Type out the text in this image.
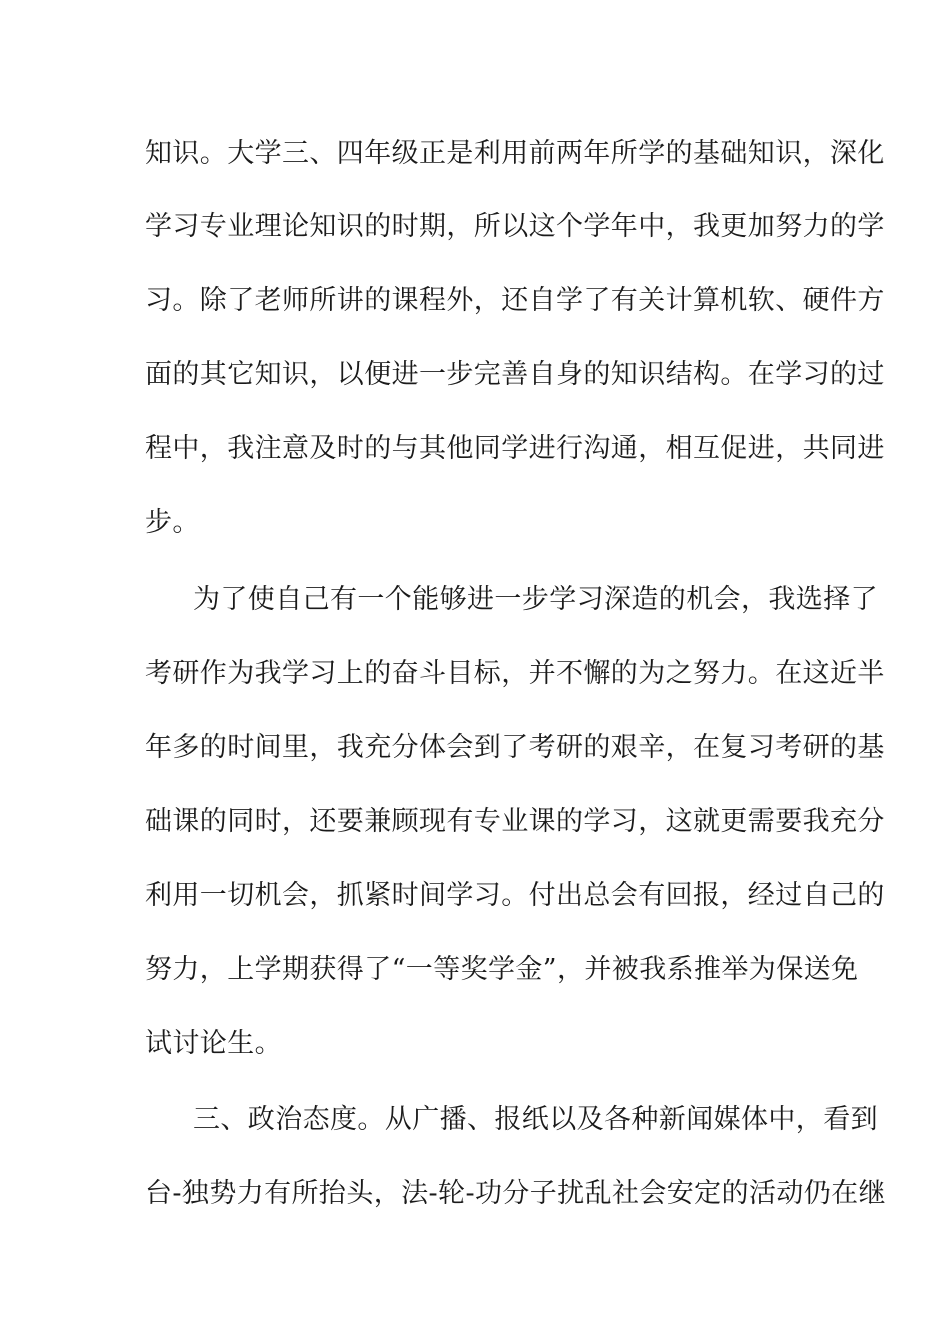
知识。大学三、四年级正是利用前两年所学的基础知识，深化
学习专业理论知识的时期，所以这个学年中，我更加努力的学
习。除了老师所讲的课程外，还自学了有关计算机软、硬件方
面的其它知识，以便进一步完善自身的知识结构。在学习的过
程中，我注意及时的与其他同学进行沟通，相互促进，共同进
步。
为了使自己有一个能够进一步学习深造的机会，我选择了
考研作为我学习上的奋斗目标，并不懈的为之努力。在这近半
年多的时间里，我充分体会到了考研的艰辛，在复习考研的基
础课的同时，还要兼顾现有专业课的学习，这就更需要我充分
利用一切机会，抓紧时间学习。付出总会有回报，经过自己的
努力，上学期获得了“一等奖学金”，并被我系推举为保送免
试讨论生。
三、政治态度。从广播、报纸以及各种新闻媒体中，看到
台-独势力有所抬头，法-轮-功分子扰乱社会安定的活动仍在继
